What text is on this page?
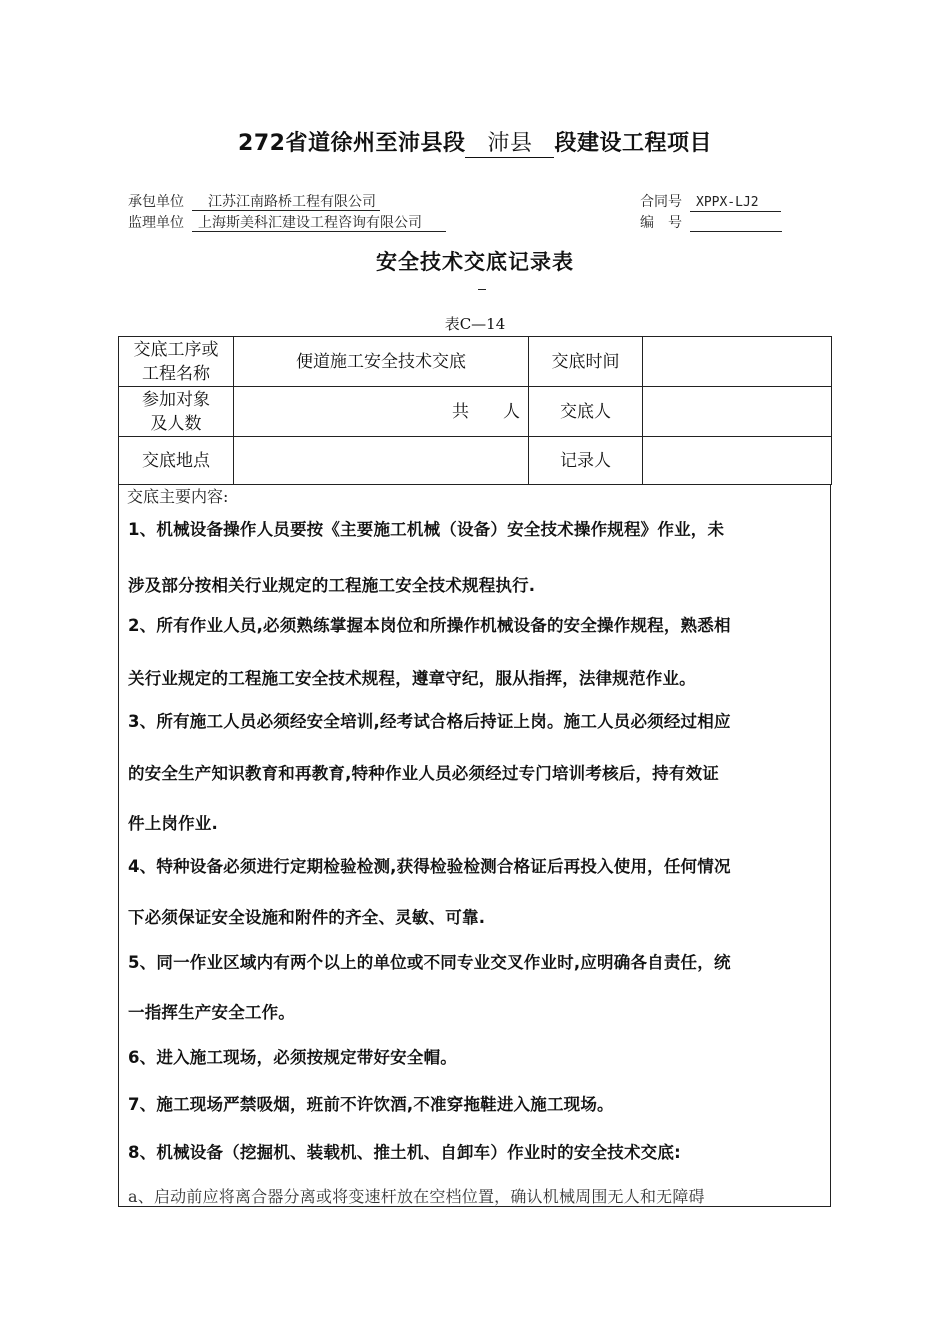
272省道徐州至沛县段 沛县 段建设工程项目
承包单位 江苏江南路桥工程有限公司	合同号 XPPX-LJ2
监理单位 上海斯美科汇建设工程咨询有限公司	编　号
安全技术交底记录表
表C—14
交底工序或工程名称	便道施工安全技术交底	交底时间	

参加对象及人数	共　　人	交底人	
交底地点		记录人	
交底主要内容:
1、机械设备操作人员要按《主要施工机械（设备）安全技术操作规程》作业，未
涉及部分按相关行业规定的工程施工安全技术规程执行.
2、所有作业人员,必须熟练掌握本岗位和所操作机械设备的安全操作规程，熟悉相
关行业规定的工程施工安全技术规程，遵章守纪，服从指挥，法律规范作业。
3、所有施工人员必须经安全培训,经考试合格后持证上岗。施工人员必须经过相应
的安全生产知识教育和再教育,特种作业人员必须经过专门培训考核后，持有效证
件上岗作业.
4、特种设备必须进行定期检验检测,获得检验检测合格证后再投入使用，任何情况
下必须保证安全设施和附件的齐全、灵敏、可靠.
5、同一作业区域内有两个以上的单位或不同专业交叉作业时,应明确各自责任，统
一指挥生产安全工作。
6、进入施工现场，必须按规定带好安全帽。
7、施工现场严禁吸烟，班前不许饮酒,不准穿拖鞋进入施工现场。
8、机械设备（挖掘机、装载机、推土机、自卸车）作业时的安全技术交底:
a、启动前应将离合器分离或将变速杆放在空档位置，确认机械周围无人和无障碍
